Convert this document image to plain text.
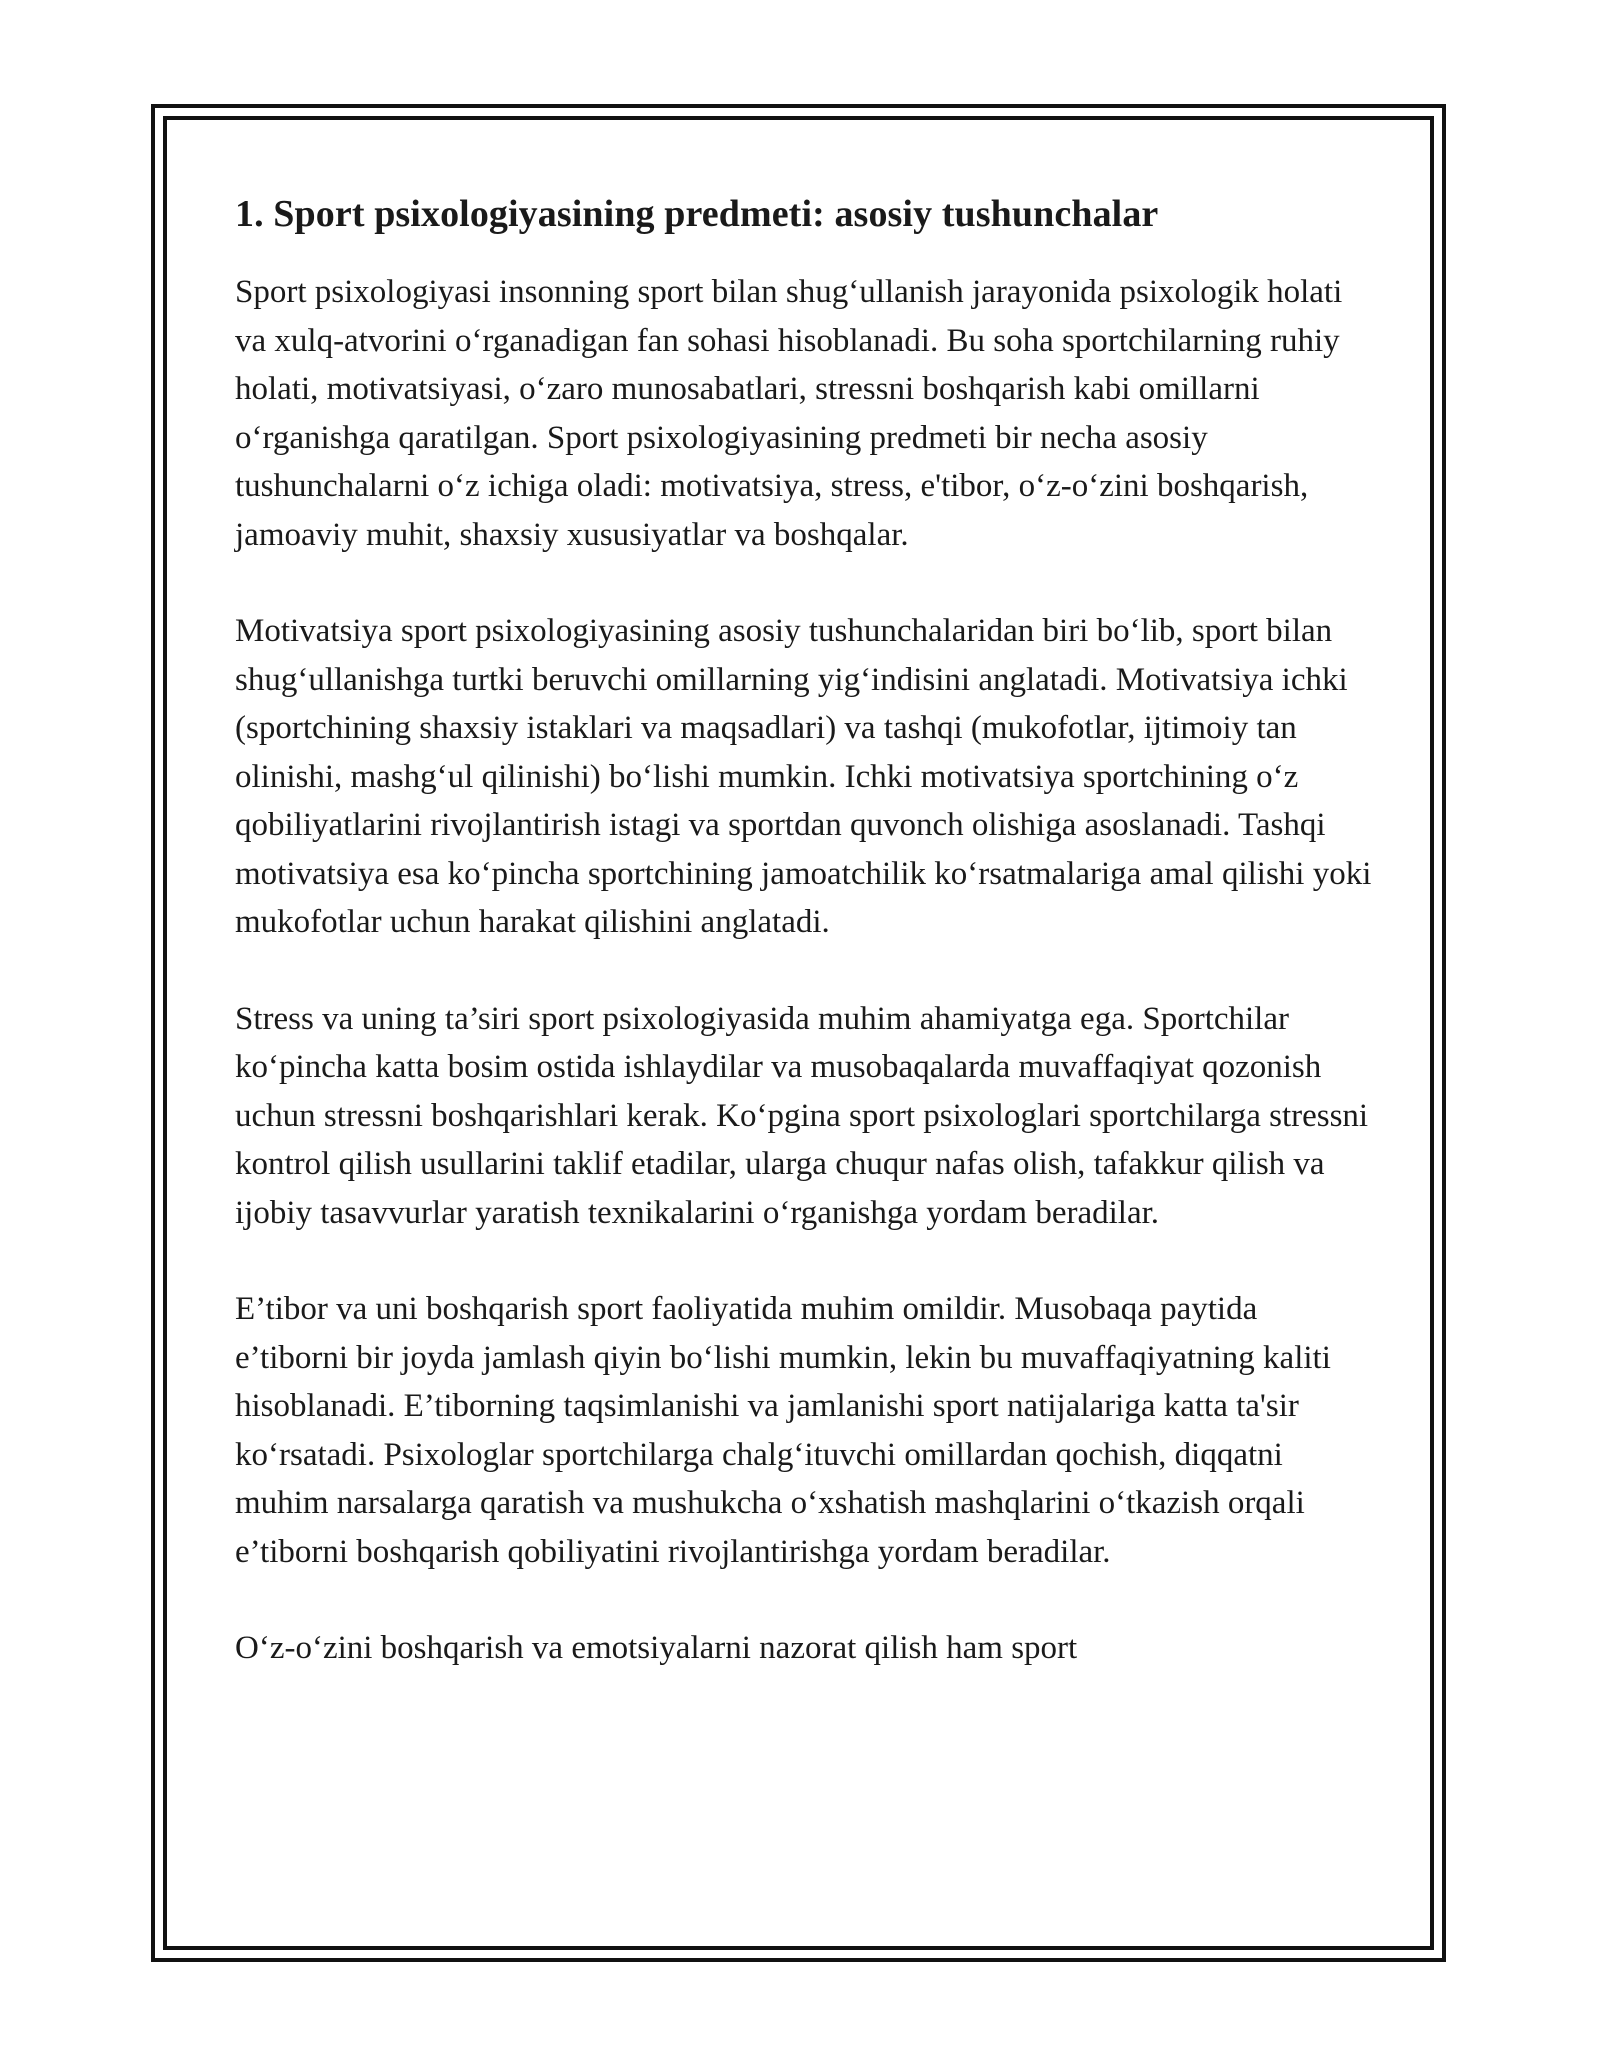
1. Sport psixologiyasining predmeti: asosiy tushunchalar

Sport psixologiyasi insonning sport bilan shug‘ullanish jarayonida psixologik holati va xulq-atvorini o‘rganadigan fan sohasi hisoblanadi. Bu soha sportchilarning ruhiy holati, motivatsiyasi, o‘zaro munosabatlari, stressni boshqarish kabi omillarni o‘rganishga qaratilgan. Sport psixologiyasining predmeti bir necha asosiy tushunchalarni o‘z ichiga oladi: motivatsiya, stress, e'tibor, o‘z-o‘zini boshqarish, jamoaviy muhit, shaxsiy xususiyatlar va boshqalar.

Motivatsiya sport psixologiyasining asosiy tushunchalaridan biri bo‘lib, sport bilan shug‘ullanishga turtki beruvchi omillarning yig‘indisini anglatadi. Motivatsiya ichki (sportchining shaxsiy istaklari va maqsadlari) va tashqi (mukofotlar, ijtimoiy tan olinishi, mashg‘ul qilinishi) bo‘lishi mumkin. Ichki motivatsiya sportchining o‘z qobiliyatlarini rivojlantirish istagi va sportdan quvonch olishiga asoslanadi. Tashqi motivatsiya esa ko‘pincha sportchining jamoatchilik ko‘rsatmalariga amal qilishi yoki mukofotlar uchun harakat qilishini anglatadi.

Stress va uning ta’siri sport psixologiyasida muhim ahamiyatga ega. Sportchilar ko‘pincha katta bosim ostida ishlaydilar va musobaqalarda muvaffaqiyat qozonish uchun stressni boshqarishlari kerak. Ko‘pgina sport psixologlari sportchilarga stressni kontrol qilish usullarini taklif etadilar, ularga chuqur nafas olish, tafakkur qilish va ijobiy tasavvurlar yaratish texnikalarini o‘rganishga yordam beradilar.

E’tibor va uni boshqarish sport faoliyatida muhim omildir. Musobaqa paytida e’tiborni bir joyda jamlash qiyin bo‘lishi mumkin, lekin bu muvaffaqiyatning kaliti hisoblanadi. E’tiborning taqsimlanishi va jamlanishi sport natijalariga katta ta'sir ko‘rsatadi. Psixologlar sportchilarga chalg‘ituvchi omillardan qochish, diqqatni muhim narsalarga qaratish va mushukcha o‘xshatish mashqlarini o‘tkazish orqali e’tiborni boshqarish qobiliyatini rivojlantirishga yordam beradilar.

O‘z-o‘zini boshqarish va emotsiyalarni nazorat qilish ham sport
